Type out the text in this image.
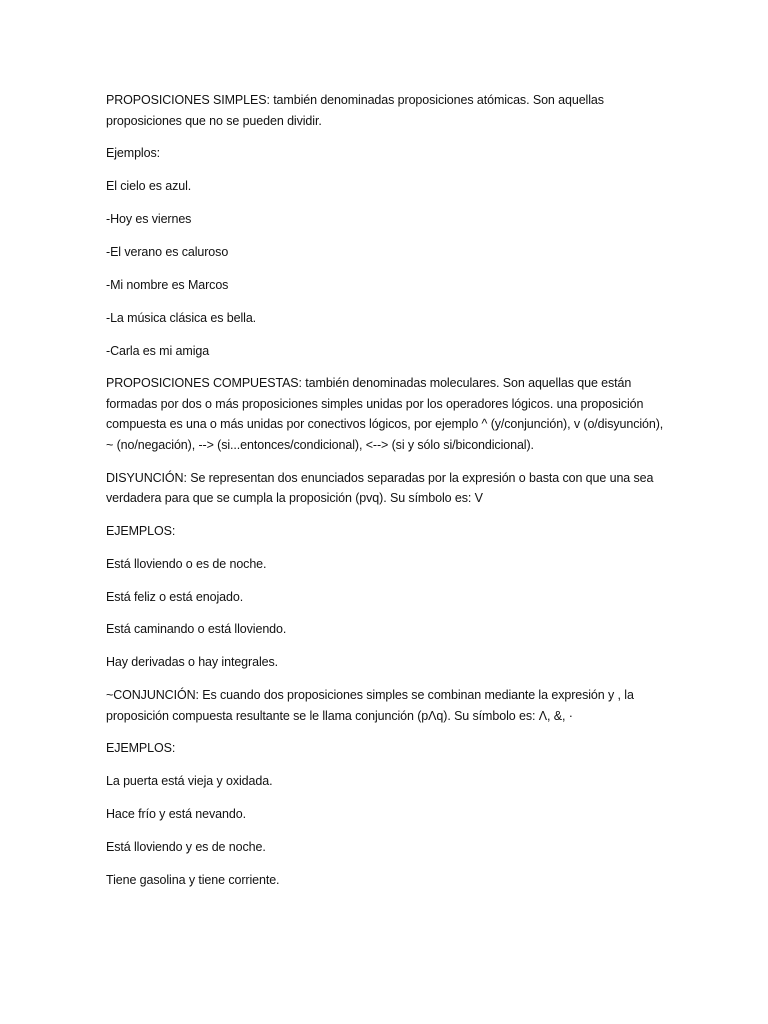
PROPOSICIONES SIMPLES: también denominadas proposiciones atómicas. Son aquellas proposiciones que no se pueden dividir.

Ejemplos:

El cielo es azul.

-Hoy es viernes

-El verano es caluroso

-Mi nombre es Marcos

-La música clásica es bella.

-Carla es mi amiga

PROPOSICIONES COMPUESTAS: también denominadas moleculares. Son aquellas que están formadas por dos o más proposiciones simples unidas por los operadores lógicos. una proposición compuesta es una o más unidas por conectivos lógicos, por ejemplo ^ (y/conjunción), v (o/disyunción), ~ (no/negación), --> (si...entonces/condicional), <--> (si y sólo si/bicondicional).

DISYUNCIÓN: Se representan dos enunciados separadas por la expresión o basta con que una sea verdadera para que se cumpla la proposición (pvq). Su símbolo es: V

EJEMPLOS:

Está lloviendo o es de noche.

Está feliz o está enojado.

Está caminando o está lloviendo.

Hay derivadas o hay integrales.

~CONJUNCIÓN: Es cuando dos proposiciones simples se combinan mediante la expresión y , la proposición compuesta resultante se le llama conjunción (pΛq). Su símbolo es: Λ, &, ·

EJEMPLOS:

La puerta está vieja y oxidada.

Hace frío y está nevando.

Está lloviendo y es de noche.

Tiene gasolina y tiene corriente.
